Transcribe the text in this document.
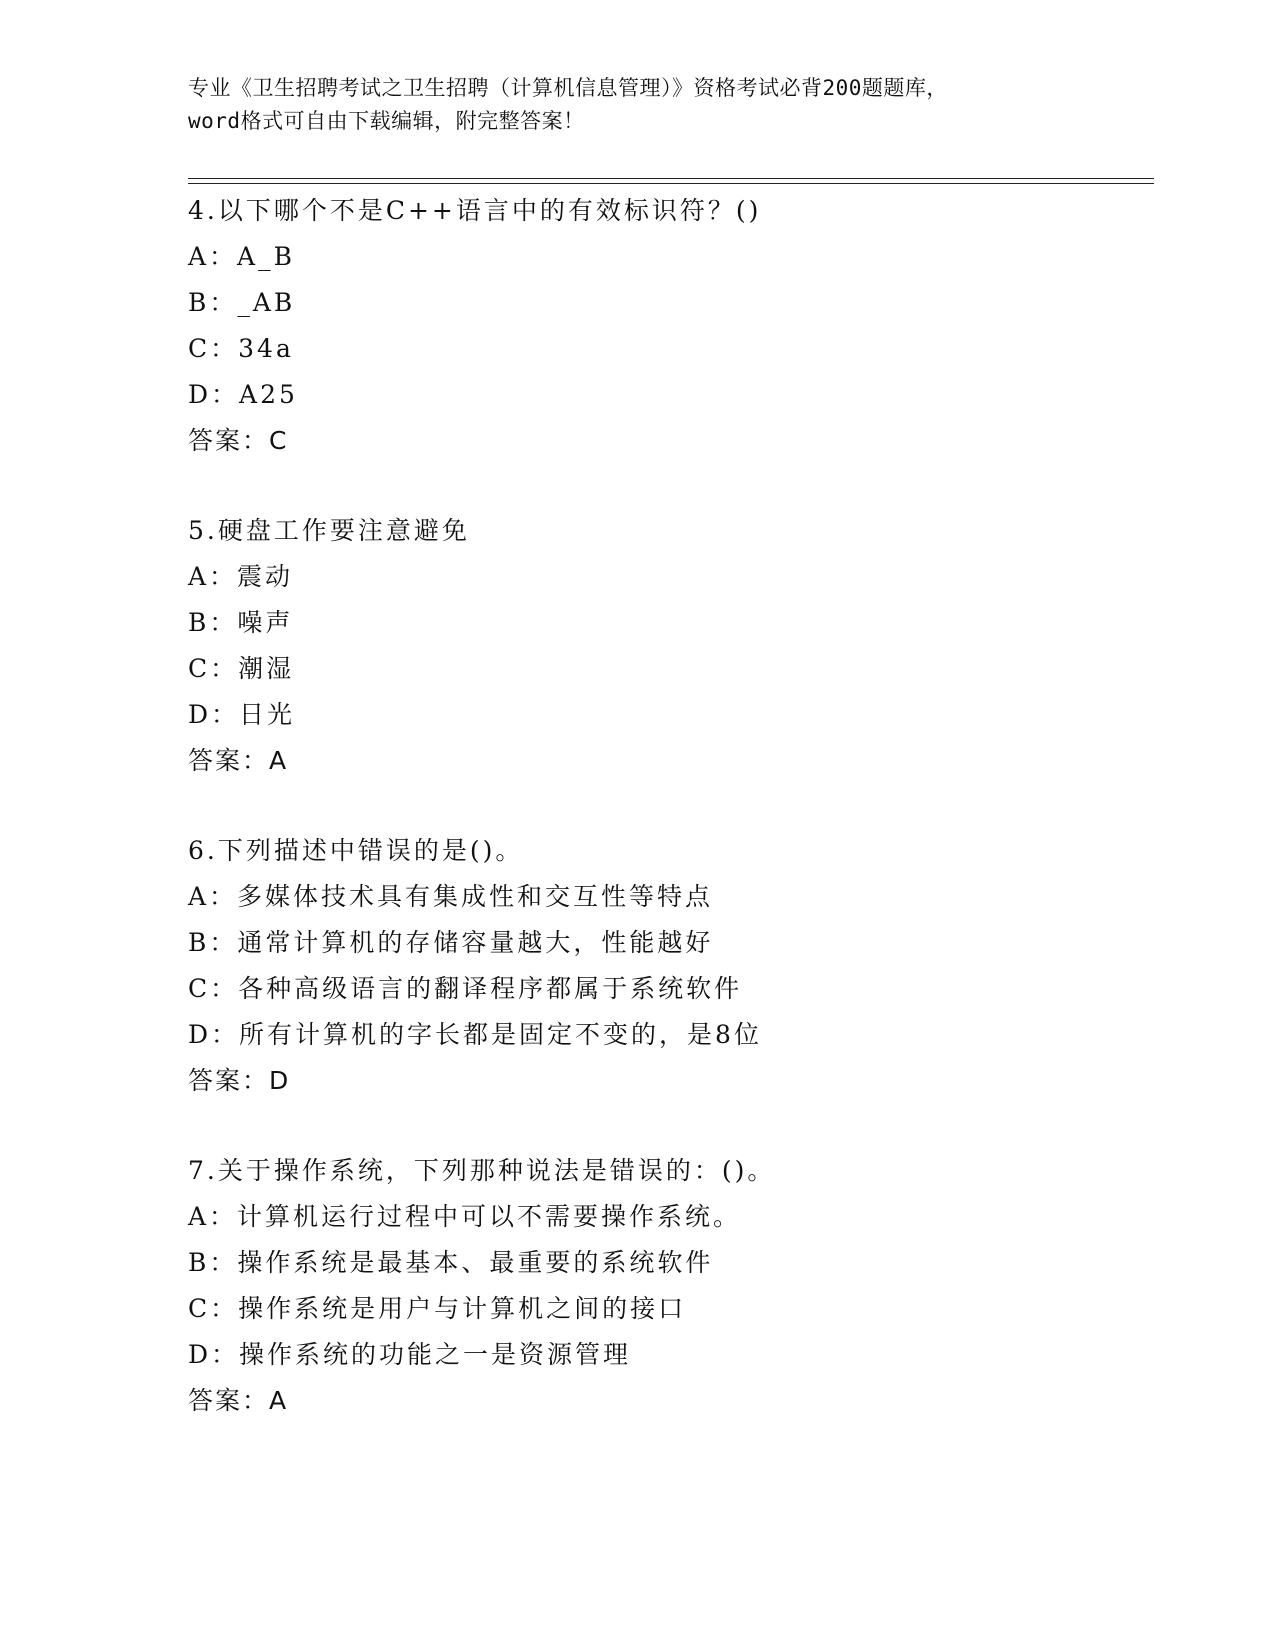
专业《卫生招聘考试之卫生招聘（计算机信息管理）》资格考试必背200题题库，
word格式可自由下载编辑，附完整答案！
4.以下哪个不是C++语言中的有效标识符？()
A：A_B
B：_AB
C：34a
D：A25
答案：C
5.硬盘工作要注意避免
A：震动
B：噪声
C：潮湿
D：日光
答案：A
6.下列描述中错误的是()。
A：多媒体技术具有集成性和交互性等特点
B：通常计算机的存储容量越大，性能越好
C：各种高级语言的翻译程序都属于系统软件
D：所有计算机的字长都是固定不变的，是8位
答案：D
7.关于操作系统，下列那种说法是错误的：()。
A：计算机运行过程中可以不需要操作系统。
B：操作系统是最基本、最重要的系统软件
C：操作系统是用户与计算机之间的接口
D：操作系统的功能之一是资源管理
答案：A
